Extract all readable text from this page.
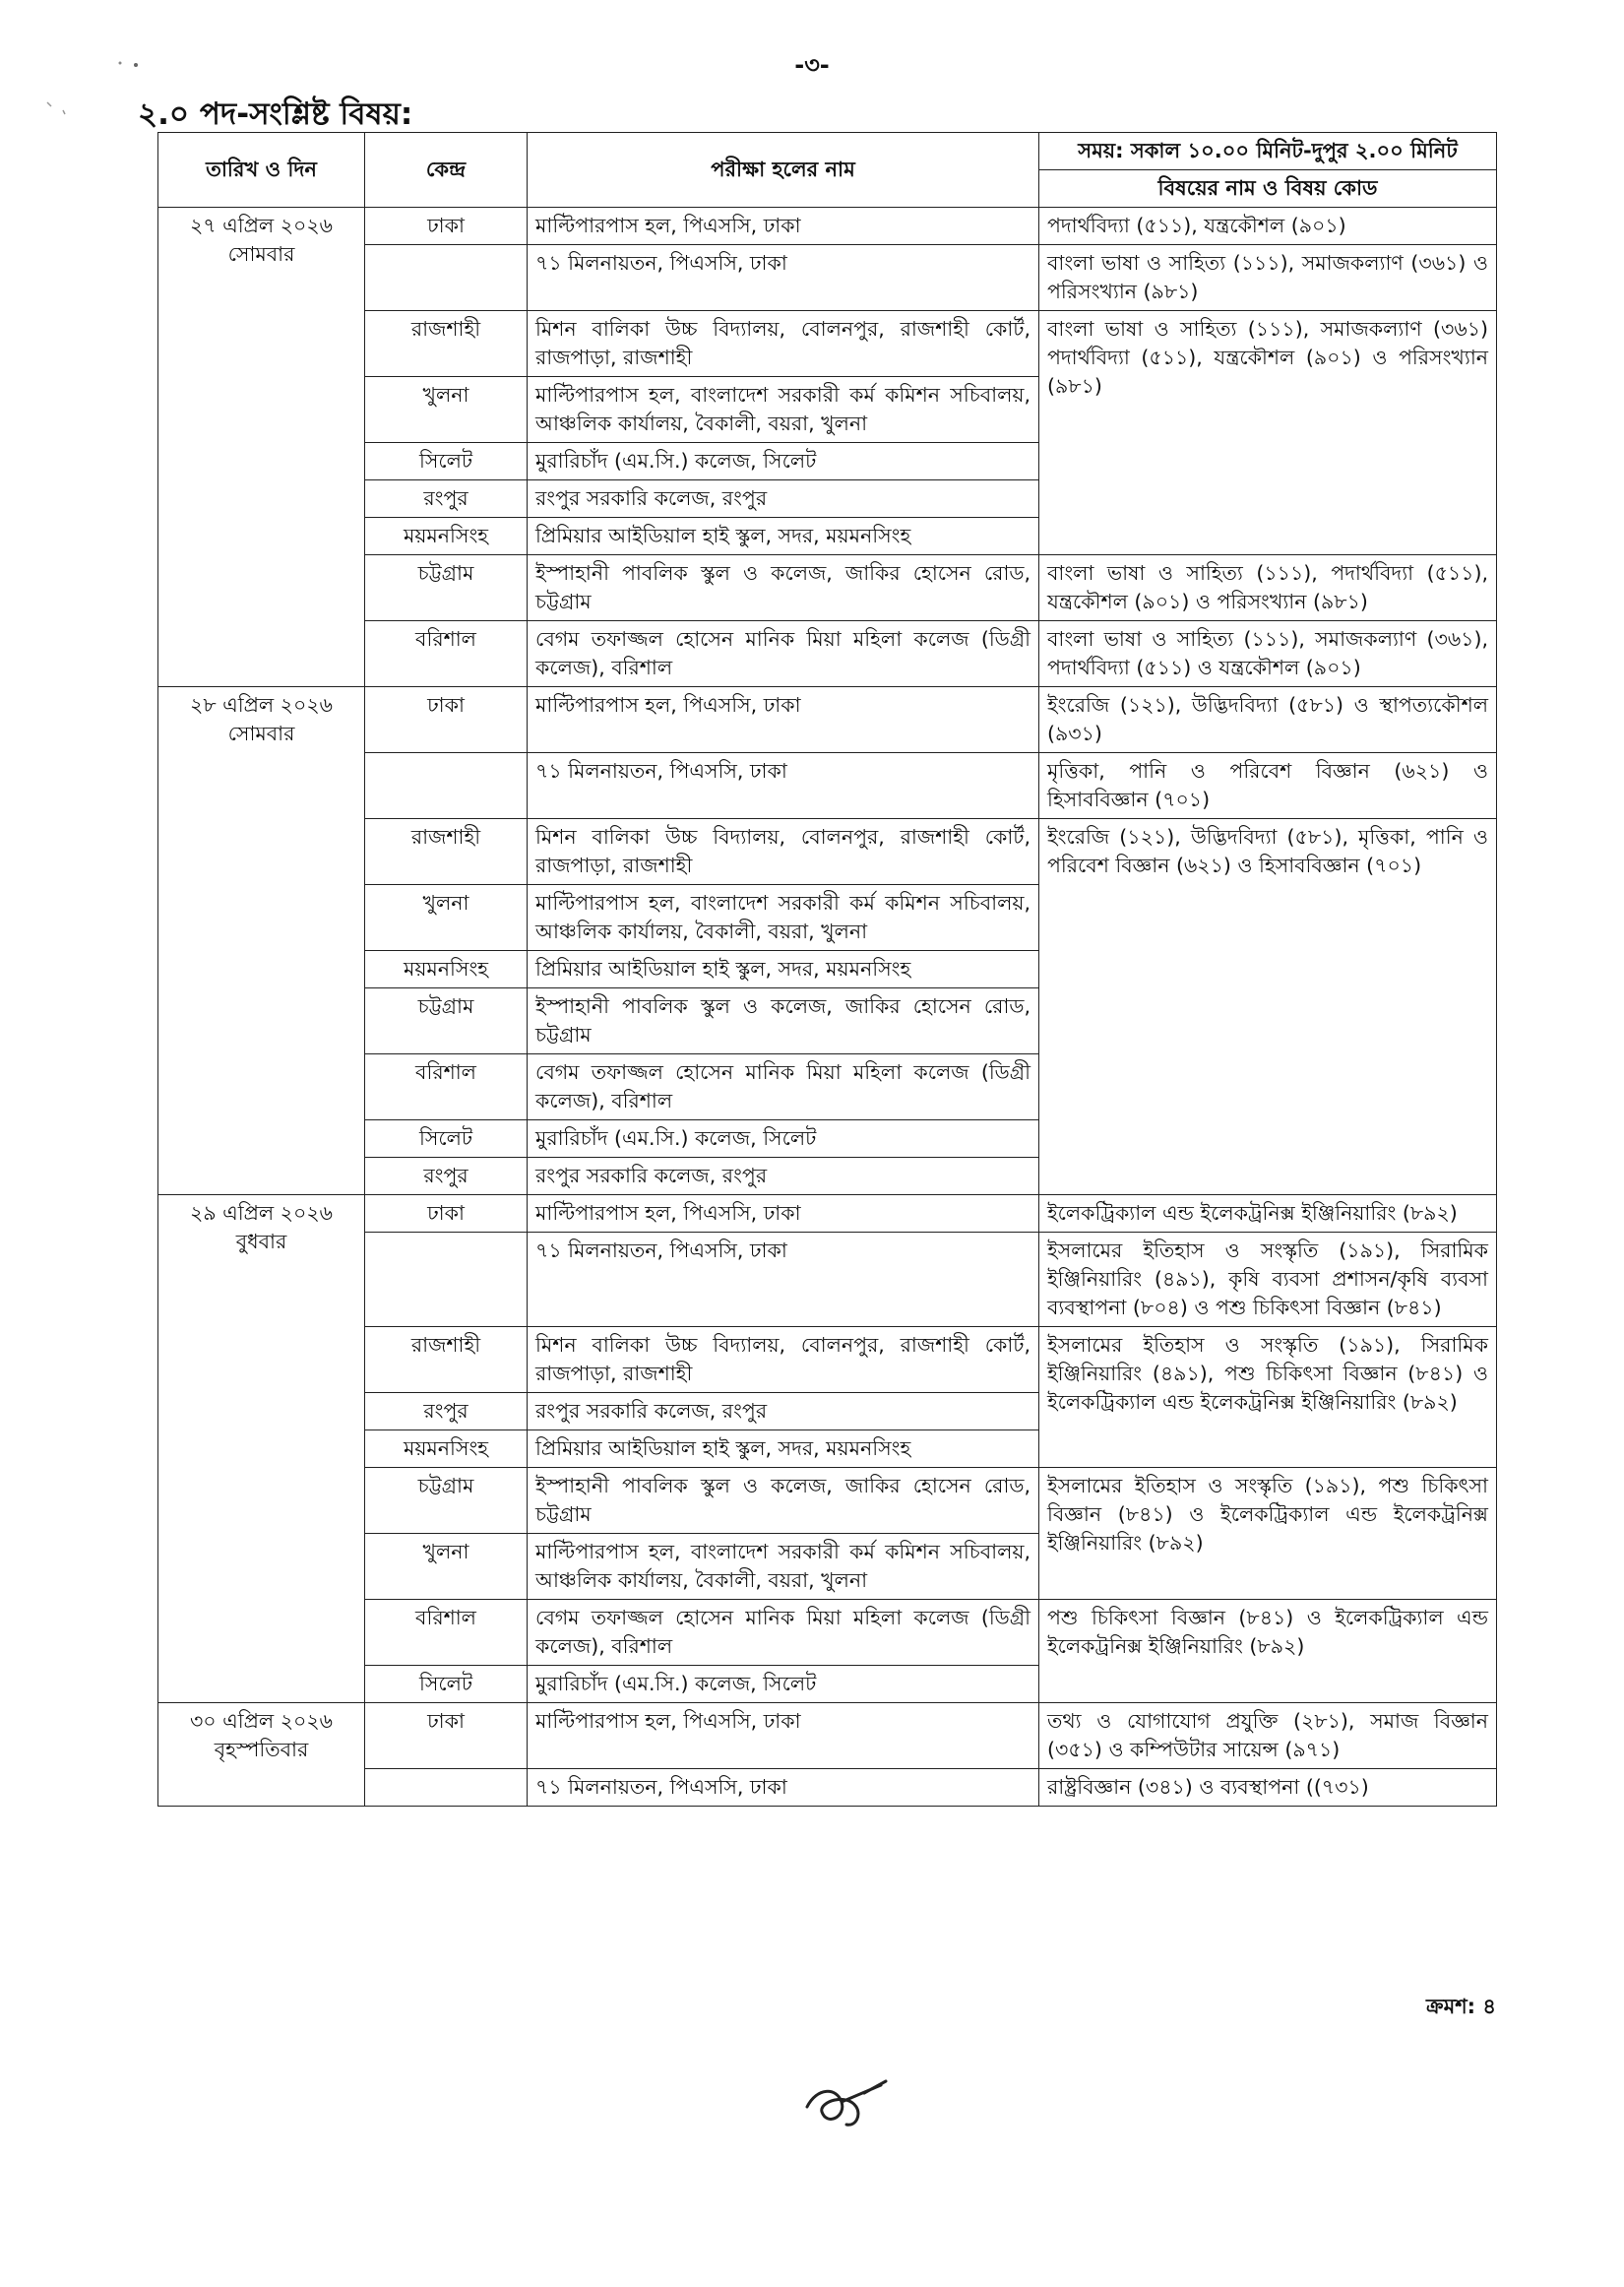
-৩-
২.০ পদ-সংশ্লিষ্ট বিষয়:
তারিখ ও দিন	কেন্দ্র	পরীক্ষা হলের নাম	সময়: সকাল ১০.০০ মিনিট-দুপুর ২.০০ মিনিট
			বিষয়ের নাম ও বিষয় কোড
২৭ এপ্রিল ২০২৬
সোমবার	ঢাকা	মাল্টিপারপাস হল, পিএসসি, ঢাকা	পদার্থবিদ্যা (৫১১), যন্ত্রকৌশল (৯০১)
		৭১ মিলনায়তন, পিএসসি, ঢাকা	বাংলা ভাষা ও সাহিত্য (১১১), সমাজকল্যাণ (৩৬১) ও পরিসংখ্যান (৯৮১)
	রাজশাহী	মিশন বালিকা উচ্চ বিদ্যালয়, বোলনপুর, রাজশাহী কোর্ট, রাজপাড়া, রাজশাহী	বাংলা ভাষা ও সাহিত্য (১১১), সমাজকল্যাণ (৩৬১) পদার্থবিদ্যা (৫১১), যন্ত্রকৌশল (৯০১) ও পরিসংখ্যান (৯৮১)
	খুলনা	মাল্টিপারপাস হল, বাংলাদেশ সরকারী কর্ম কমিশন সচিবালয়, আঞ্চলিক কার্যালয়, বৈকালী, বয়রা, খুলনা	
	সিলেট	মুরারিচাঁদ (এম.সি.) কলেজ, সিলেট	
	রংপুর	রংপুর সরকারি কলেজ, রংপুর	
	ময়মনসিংহ	প্রিমিয়ার আইডিয়াল হাই স্কুল, সদর, ময়মনসিংহ	
	চট্টগ্রাম	ইস্পাহানী পাবলিক স্কুল ও কলেজ, জাকির হোসেন রোড, চট্টগ্রাম	বাংলা ভাষা ও সাহিত্য (১১১), পদার্থবিদ্যা (৫১১), যন্ত্রকৌশল (৯০১) ও পরিসংখ্যান (৯৮১)
	বরিশাল	বেগম তফাজ্জল হোসেন মানিক মিয়া মহিলা কলেজ (ডিগ্রী কলেজ), বরিশাল	বাংলা ভাষা ও সাহিত্য (১১১), সমাজকল্যাণ (৩৬১), পদার্থবিদ্যা (৫১১) ও যন্ত্রকৌশল (৯০১)
২৮ এপ্রিল ২০২৬
সোমবার	ঢাকা	মাল্টিপারপাস হল, পিএসসি, ঢাকা	ইংরেজি (১২১), উদ্ভিদবিদ্যা (৫৮১) ও স্থাপত্যকৌশল (৯৩১)
		৭১ মিলনায়তন, পিএসসি, ঢাকা	মৃত্তিকা, পানি ও পরিবেশ বিজ্ঞান (৬২১) ও হিসাববিজ্ঞান (৭০১)
	রাজশাহী	মিশন বালিকা উচ্চ বিদ্যালয়, বোলনপুর, রাজশাহী কোর্ট, রাজপাড়া, রাজশাহী	ইংরেজি (১২১), উদ্ভিদবিদ্যা (৫৮১), মৃত্তিকা, পানি ও পরিবেশ বিজ্ঞান (৬২১) ও হিসাববিজ্ঞান (৭০১)
	খুলনা	মাল্টিপারপাস হল, বাংলাদেশ সরকারী কর্ম কমিশন সচিবালয়, আঞ্চলিক কার্যালয়, বৈকালী, বয়রা, খুলনা	
	ময়মনসিংহ	প্রিমিয়ার আইডিয়াল হাই স্কুল, সদর, ময়মনসিংহ	
	চট্টগ্রাম	ইস্পাহানী পাবলিক স্কুল ও কলেজ, জাকির হোসেন রোড, চট্টগ্রাম	
	বরিশাল	বেগম তফাজ্জল হোসেন মানিক মিয়া মহিলা কলেজ (ডিগ্রী কলেজ), বরিশাল	
	সিলেট	মুরারিচাঁদ (এম.সি.) কলেজ, সিলেট	
	রংপুর	রংপুর সরকারি কলেজ, রংপুর	
২৯ এপ্রিল ২০২৬
বুধবার	ঢাকা	মাল্টিপারপাস হল, পিএসসি, ঢাকা	ইলেকট্রিক্যাল এন্ড ইলেকট্রনিক্স ইঞ্জিনিয়ারিং (৮৯২)
		৭১ মিলনায়তন, পিএসসি, ঢাকা	ইসলামের ইতিহাস ও সংস্কৃতি (১৯১), সিরামিক ইঞ্জিনিয়ারিং (৪৯১), কৃষি ব্যবসা প্রশাসন/কৃষি ব্যবসা ব্যবস্থাপনা (৮০৪) ও পশু চিকিৎসা বিজ্ঞান (৮৪১)
	রাজশাহী	মিশন বালিকা উচ্চ বিদ্যালয়, বোলনপুর, রাজশাহী কোর্ট, রাজপাড়া, রাজশাহী	ইসলামের ইতিহাস ও সংস্কৃতি (১৯১), সিরামিক ইঞ্জিনিয়ারিং (৪৯১), পশু চিকিৎসা বিজ্ঞান (৮৪১) ও ইলেকট্রিক্যাল এন্ড ইলেকট্রনিক্স ইঞ্জিনিয়ারিং (৮৯২)
	রংপুর	রংপুর সরকারি কলেজ, রংপুর	
	ময়মনসিংহ	প্রিমিয়ার আইডিয়াল হাই স্কুল, সদর, ময়মনসিংহ	
	চট্টগ্রাম	ইস্পাহানী পাবলিক স্কুল ও কলেজ, জাকির হোসেন রোড, চট্টগ্রাম	ইসলামের ইতিহাস ও সংস্কৃতি (১৯১), পশু চিকিৎসা বিজ্ঞান (৮৪১) ও ইলেকট্রিক্যাল এন্ড ইলেকট্রনিক্স ইঞ্জিনিয়ারিং (৮৯২)
	খুলনা	মাল্টিপারপাস হল, বাংলাদেশ সরকারী কর্ম কমিশন সচিবালয়, আঞ্চলিক কার্যালয়, বৈকালী, বয়রা, খুলনা	
	বরিশাল	বেগম তফাজ্জল হোসেন মানিক মিয়া মহিলা কলেজ (ডিগ্রী কলেজ), বরিশাল	পশু চিকিৎসা বিজ্ঞান (৮৪১) ও ইলেকট্রিক্যাল এন্ড ইলেকট্রনিক্স ইঞ্জিনিয়ারিং (৮৯২)
	সিলেট	মুরারিচাঁদ (এম.সি.) কলেজ, সিলেট	
৩০ এপ্রিল ২০২৬
বৃহস্পতিবার	ঢাকা	মাল্টিপারপাস হল, পিএসসি, ঢাকা	তথ্য ও যোগাযোগ প্রযুক্তি (২৮১), সমাজ বিজ্ঞান (৩৫১) ও কম্পিউটার সায়েন্স (৯৭১)
		৭১ মিলনায়তন, পিএসসি, ঢাকা	রাষ্ট্রবিজ্ঞান (৩৪১) ও ব্যবস্থাপনা ((৭৩১)
ক্রমশ: ৪
